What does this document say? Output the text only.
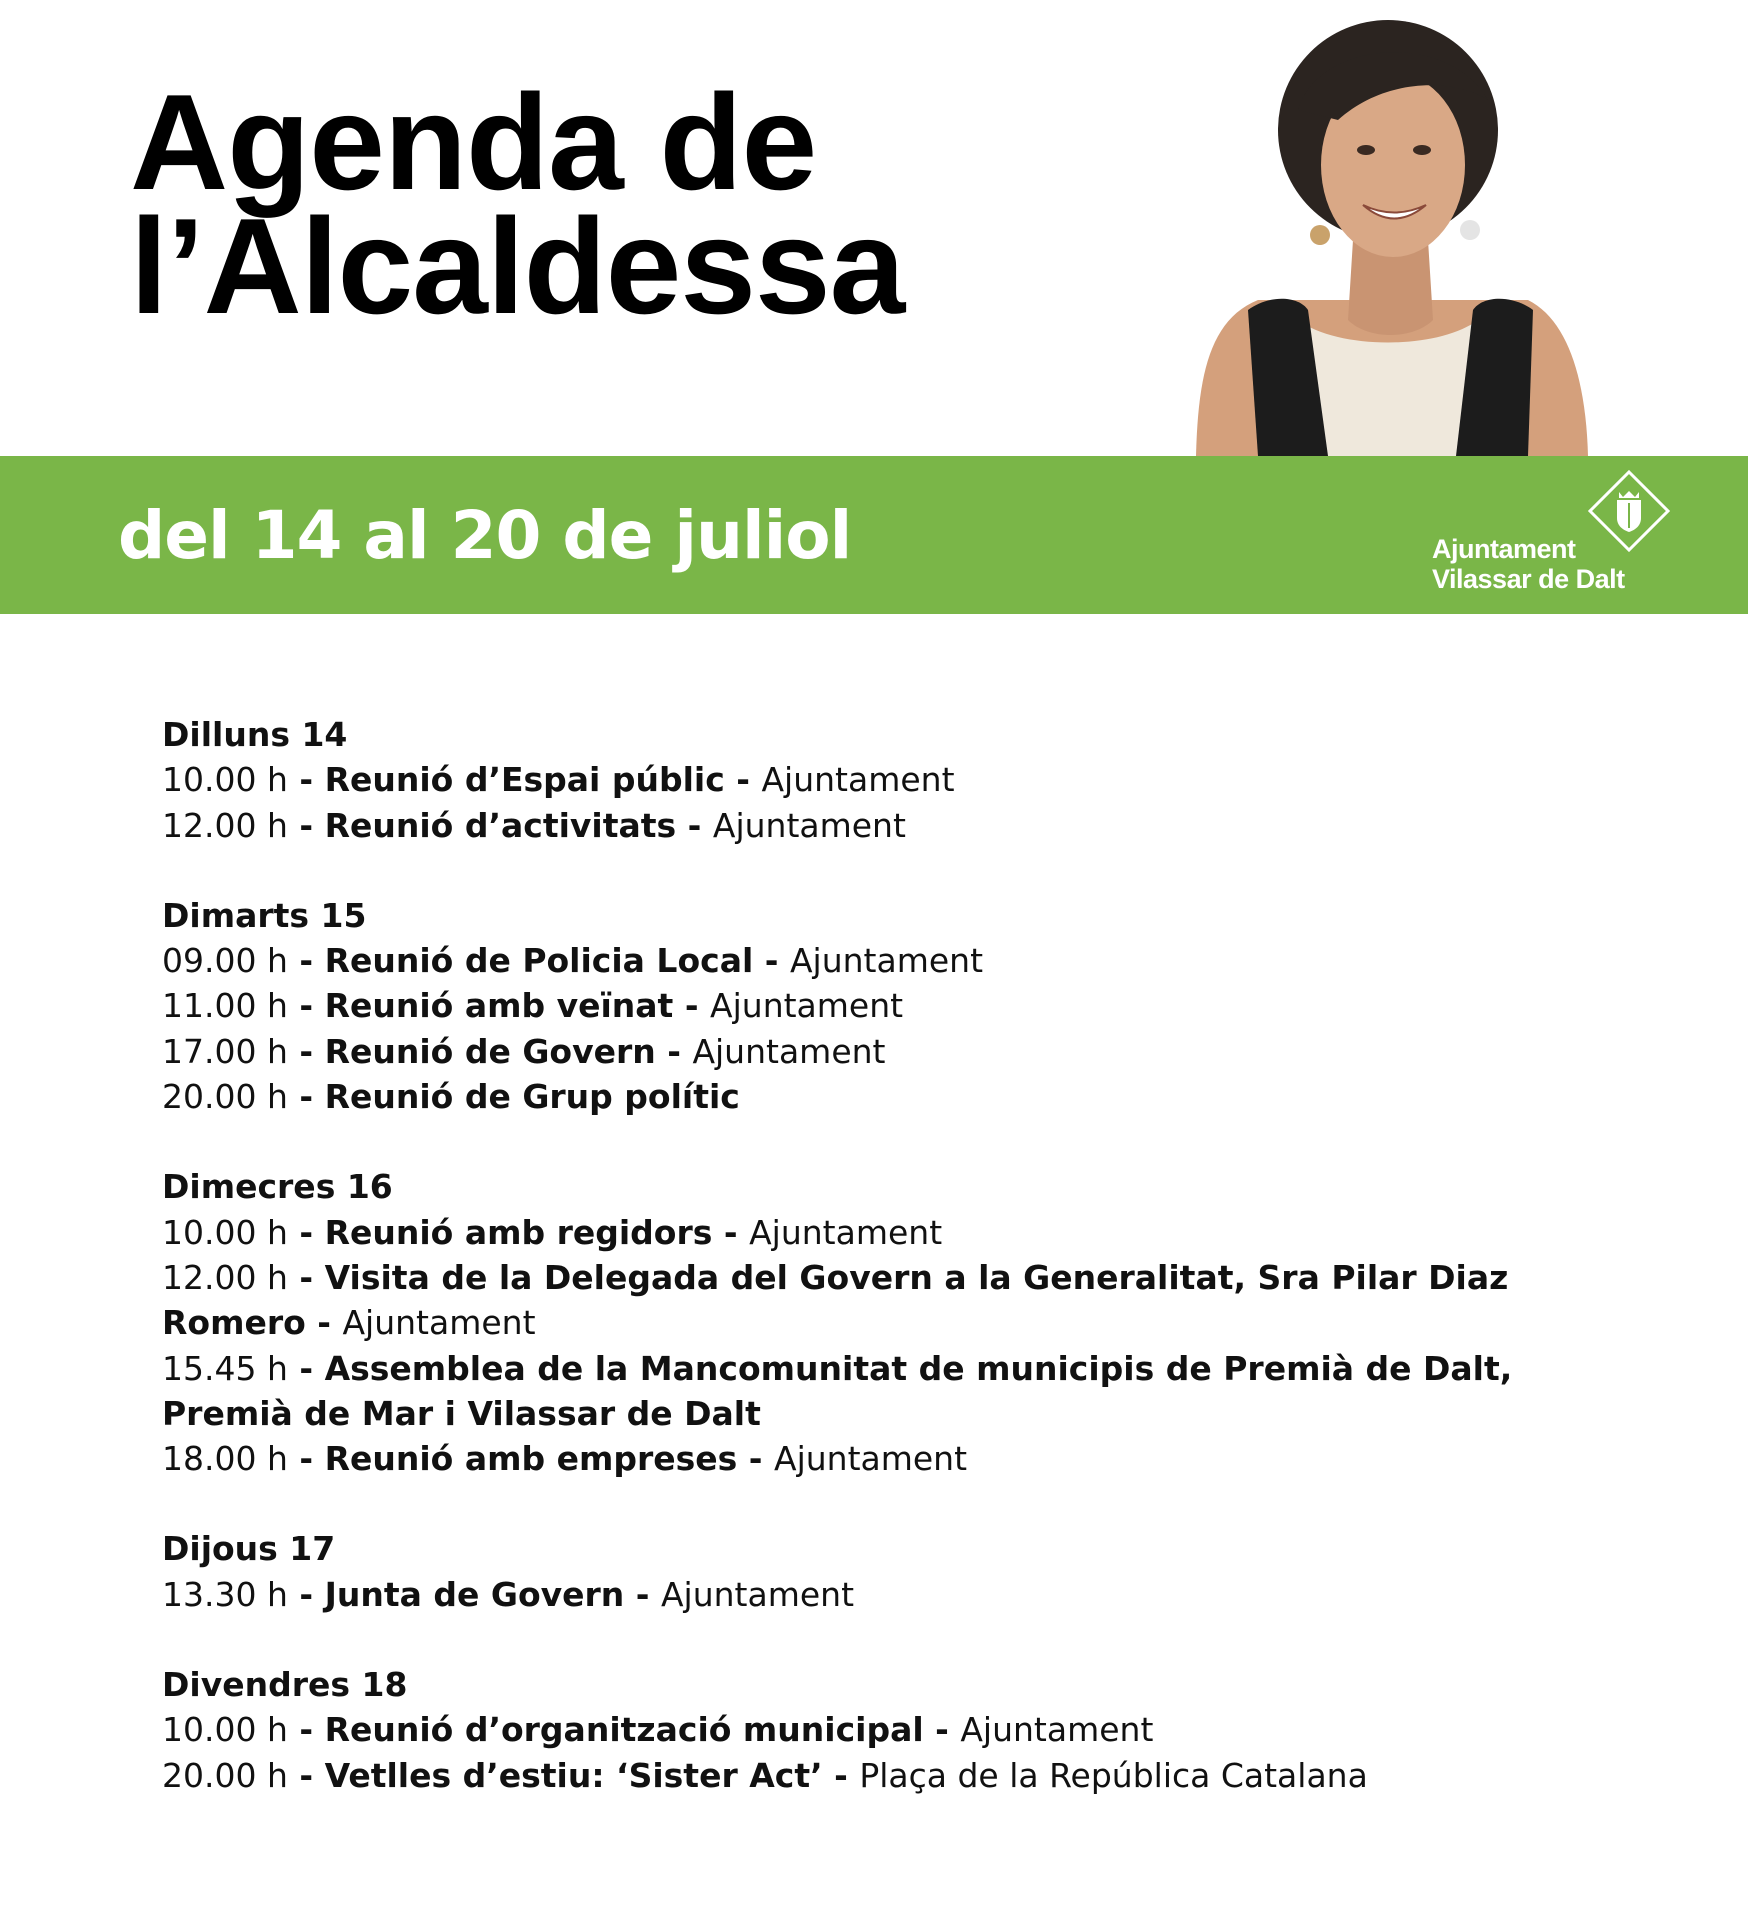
Agenda de
l’Alcaldessa
del 14 al 20 de juliol	Ajuntament
Vilassar de Dalt
Dilluns 14
10.00 h - Reunió d’Espai públic - Ajuntament
12.00 h - Reunió d’activitats - Ajuntament
Dimarts 15
09.00 h - Reunió de Policia Local - Ajuntament
11.00 h - Reunió amb veïnat - Ajuntament
17.00 h - Reunió de Govern - Ajuntament
20.00 h - Reunió de Grup polític
Dimecres 16
10.00 h - Reunió amb regidors - Ajuntament
12.00 h - Visita de la Delegada del Govern a la Generalitat, Sra Pilar Diaz Romero - Ajuntament
15.45 h - Assemblea de la Mancomunitat de municipis de Premià de Dalt, Premià de Mar i Vilassar de Dalt
18.00 h - Reunió amb empreses - Ajuntament
Dijous 17
13.30 h - Junta de Govern - Ajuntament
Divendres 18
10.00 h - Reunió d’organització municipal - Ajuntament
20.00 h - Vetlles d’estiu: ‘Sister Act’ - Plaça de la República Catalana
